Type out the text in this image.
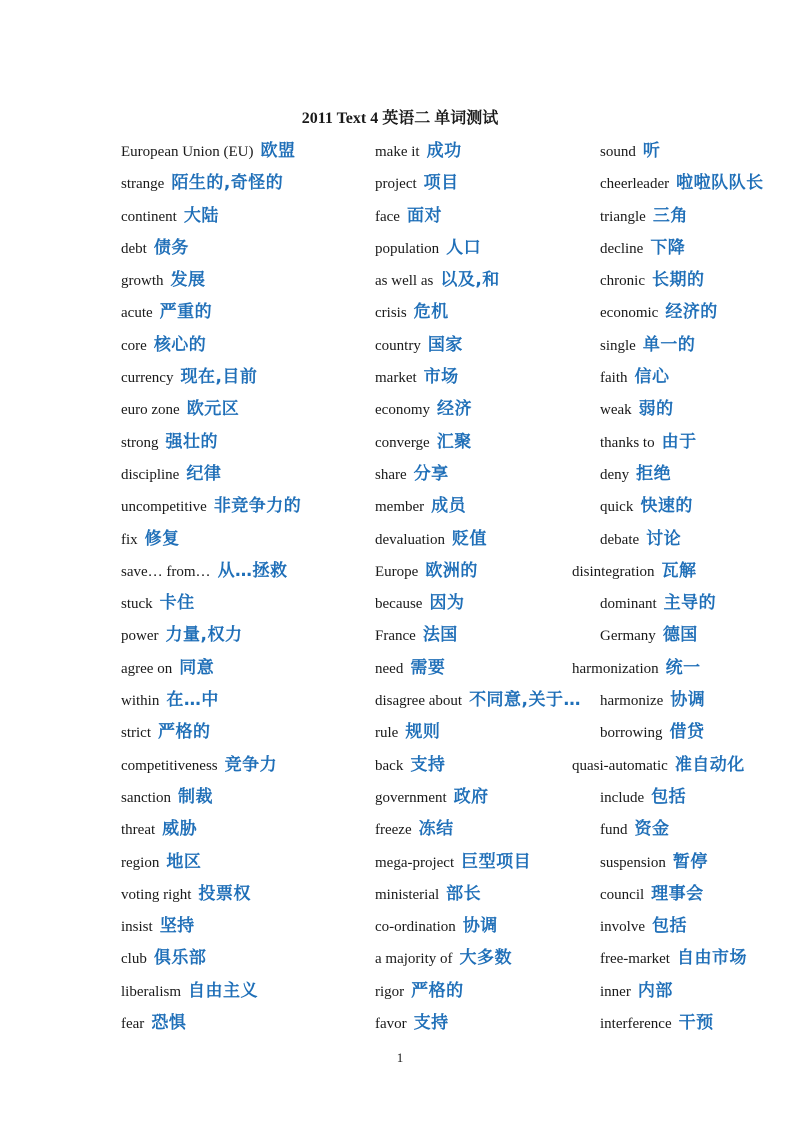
2011 Text 4 英语二 单词测试
European Union (EU) 欧盟
strange 陌生的,奇怪的
continent 大陆
debt 债务
growth 发展
acute 严重的
core 核心的
currency 现在,目前
euro zone 欧元区
strong 强壮的
discipline 纪律
uncompetitive 非竞争力的
fix 修复
save… from… 从…拯救
stuck 卡住
power 力量,权力
agree on 同意
within 在…中
strict 严格的
competitiveness 竞争力
sanction 制裁
threat 威胁
region 地区
voting right 投票权
insist 坚持
club 俱乐部
liberalism 自由主义
fear 恐惧
make it 成功
project 项目
face 面对
population 人口
as well as 以及,和
crisis 危机
country 国家
market 市场
economy 经济
converge 汇聚
share 分享
member 成员
devaluation 贬值
Europe 欧洲的
because 因为
France 法国
need 需要
disagree about 不同意,关于…
rule 规则
back 支持
government 政府
freeze 冻结
mega-project 巨型项目
ministerial 部长
co-ordination 协调
a majority of 大多数
rigor 严格的
favor 支持
sound 听
cheerleader 啦啦队队长
triangle 三角
decline 下降
chronic 长期的
economic 经济的
single 单一的
faith 信心
weak 弱的
thanks to 由于
deny 拒绝
quick 快速的
debate 讨论
disintegration 瓦解
dominant 主导的
Germany 德国
harmonization 统一
harmonize 协调
borrowing 借贷
quasi-automatic 准自动化
include 包括
fund 资金
suspension 暂停
council 理事会
involve 包括
free-market 自由市场
inner 内部
interference 干预
1
